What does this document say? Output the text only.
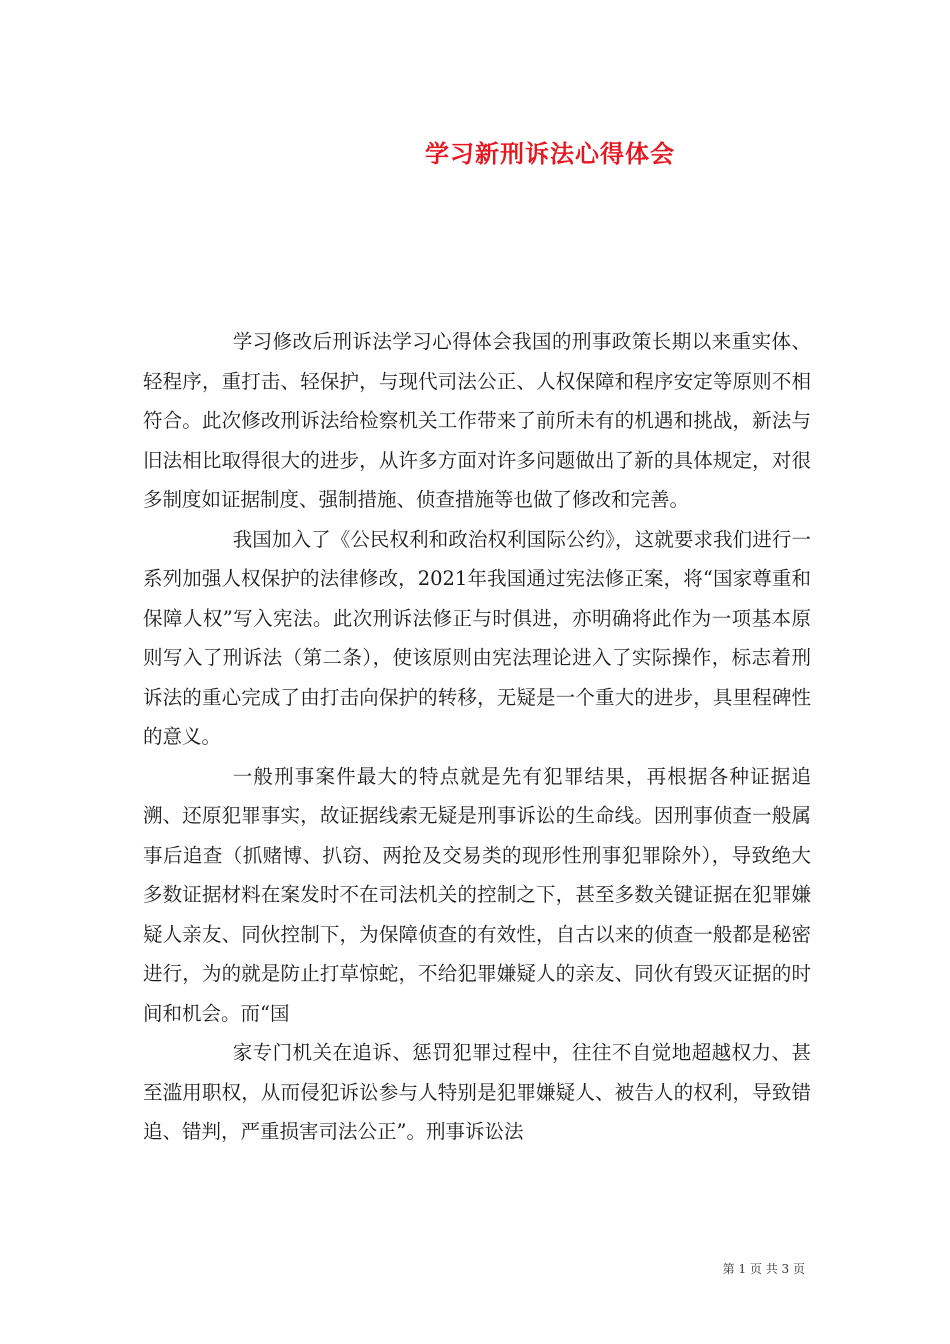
学习新刑诉法心得体会

学习修改后刑诉法学习心得体会我国的刑事政策长期以来重实体、轻程序，重打击、轻保护，与现代司法公正、人权保障和程序安定等原则不相符合。此次修改刑诉法给检察机关工作带来了前所未有的机遇和挑战，新法与旧法相比取得很大的进步，从许多方面对许多问题做出了新的具体规定，对很多制度如证据制度、强制措施、侦查措施等也做了修改和完善。

我国加入了《公民权利和政治权利国际公约》，这就要求我们进行一系列加强人权保护的法律修改，2021年我国通过宪法修正案，将“国家尊重和保障人权”写入宪法。此次刑诉法修正与时俱进，亦明确将此作为一项基本原则写入了刑诉法（第二条），使该原则由宪法理论进入了实际操作，标志着刑诉法的重心完成了由打击向保护的转移，无疑是一个重大的进步，具里程碑性的意义。

一般刑事案件最大的特点就是先有犯罪结果，再根据各种证据追溯、还原犯罪事实，故证据线索无疑是刑事诉讼的生命线。因刑事侦查一般属事后追查（抓赌博、扒窃、两抢及交易类的现形性刑事犯罪除外），导致绝大多数证据材料在案发时不在司法机关的控制之下，甚至多数关键证据在犯罪嫌疑人亲友、同伙控制下，为保障侦查的有效性，自古以来的侦查一般都是秘密进行，为的就是防止打草惊蛇，不给犯罪嫌疑人的亲友、同伙有毁灭证据的时间和机会。而“国

家专门机关在追诉、惩罚犯罪过程中，往往不自觉地超越权力、甚至滥用职权，从而侵犯诉讼参与人特别是犯罪嫌疑人、被告人的权利，导致错追、错判，严重损害司法公正”。刑事诉讼法

第 1 页 共 3 页
